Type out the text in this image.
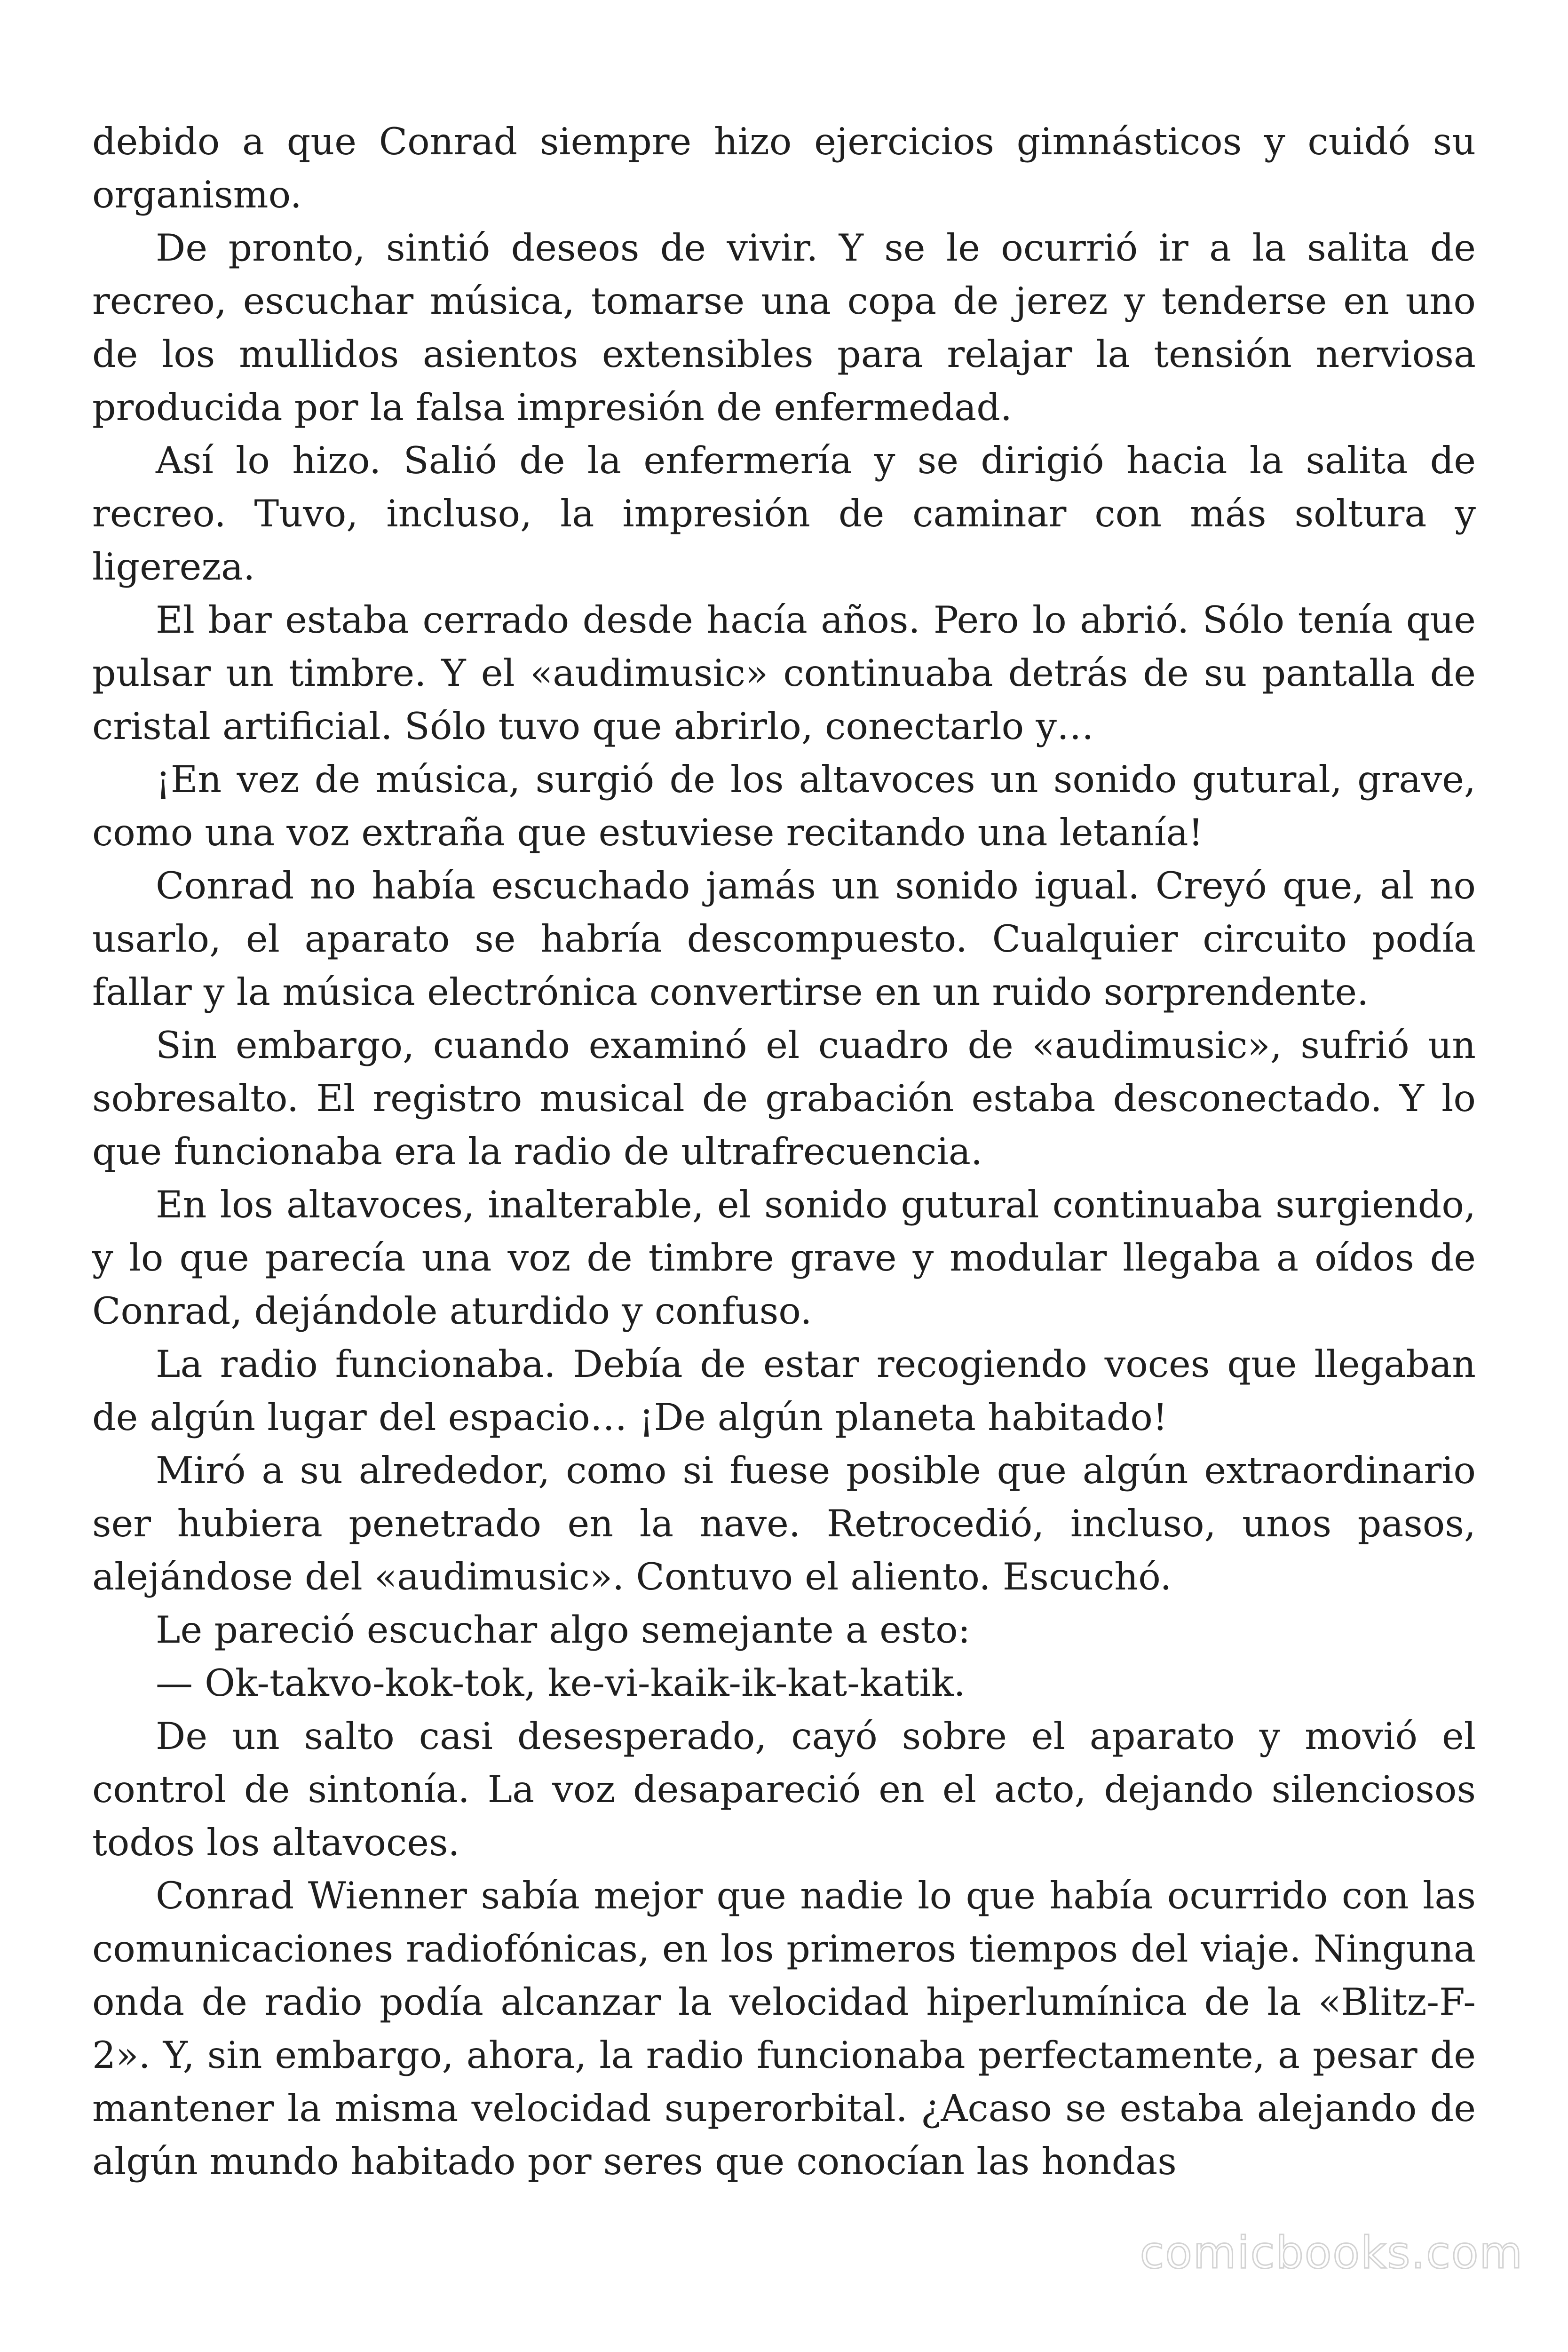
debido a que Conrad siempre hizo ejercicios gimnásticos y cuidó su organismo.

De pronto, sintió deseos de vivir. Y se le ocurrió ir a la salita de recreo, escuchar música, tomarse una copa de jerez y tenderse en uno de los mullidos asientos extensibles para relajar la tensión nerviosa producida por la falsa impresión de enfermedad.

Así lo hizo. Salió de la enfermería y se dirigió hacia la salita de recreo. Tuvo, incluso, la impresión de caminar con más soltura y ligereza.

El bar estaba cerrado desde hacía años. Pero lo abrió. Sólo tenía que pulsar un timbre. Y el «audimusic» continuaba detrás de su pantalla de cristal artificial. Sólo tuvo que abrirlo, conectarlo y…

¡En vez de música, surgió de los altavoces un sonido gutural, grave, como una voz extraña que estuviese recitando una letanía!

Conrad no había escuchado jamás un sonido igual. Creyó que, al no usarlo, el aparato se habría descompuesto. Cualquier circuito podía fallar y la música electrónica convertirse en un ruido sorprendente.

Sin embargo, cuando examinó el cuadro de «audimusic», sufrió un sobresalto. El registro musical de grabación estaba desconectado. Y lo que funcionaba era la radio de ultrafrecuencia.

En los altavoces, inalterable, el sonido gutural continuaba surgiendo, y lo que parecía una voz de timbre grave y modular llegaba a oídos de Conrad, dejándole aturdido y confuso.

La radio funcionaba. Debía de estar recogiendo voces que llegaban de algún lugar del espacio… ¡De algún planeta habitado!

Miró a su alrededor, como si fuese posible que algún extraordinario ser hubiera penetrado en la nave. Retrocedió, incluso, unos pasos, alejándose del «audimusic». Contuvo el aliento. Escuchó.

Le pareció escuchar algo semejante a esto:

— Ok-takvo-kok-tok, ke-vi-kaik-ik-kat-katik.

De un salto casi desesperado, cayó sobre el aparato y movió el control de sintonía. La voz desapareció en el acto, dejando silenciosos todos los altavoces.

Conrad Wienner sabía mejor que nadie lo que había ocurrido con las comunicaciones radiofónicas, en los primeros tiempos del viaje. Ninguna onda de radio podía alcanzar la velocidad hiperlumínica de la «Blitz-F-2». Y, sin embargo, ahora, la radio funcionaba perfectamente, a pesar de mantener la misma velocidad superorbital. ¿Acaso se estaba alejando de algún mundo habitado por seres que conocían las hondas

comicbooks.com
